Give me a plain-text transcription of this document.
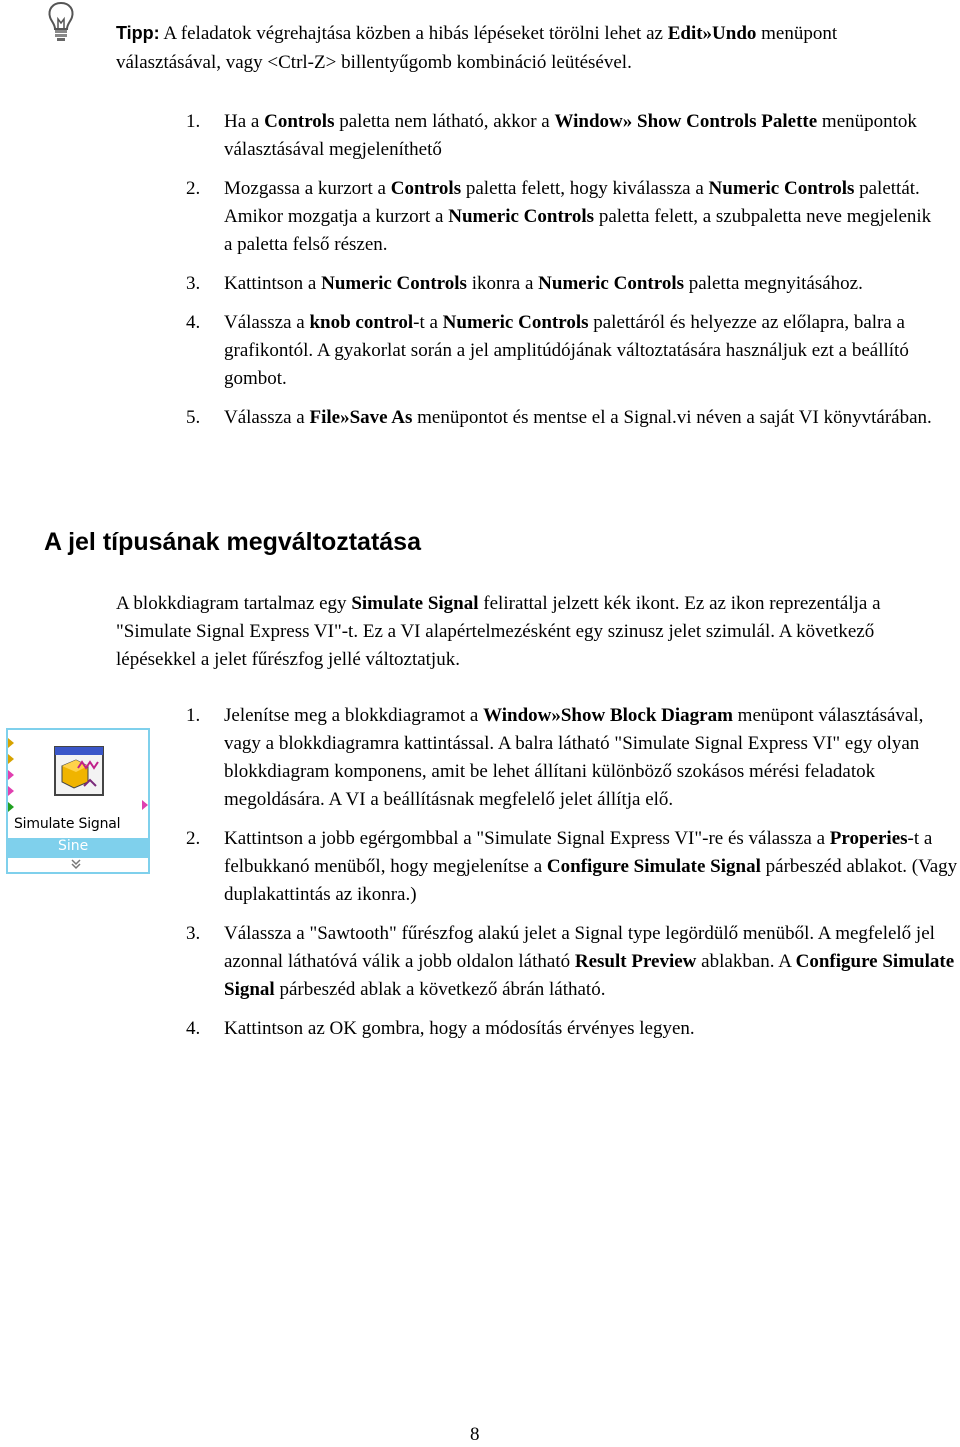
Tipp: A feladatok végrehajtása közben a hibás lépéseket törölni lehet az Edit»Undo menüpont választásával, vagy <Ctrl-Z> billentyűgomb kombináció leütésével.
1. Ha a Controls paletta nem látható, akkor a Window» Show Controls Palette menüpontok választásával megjeleníthető
2. Mozgassa a kurzort a Controls paletta felett, hogy kiválassza a Numeric Controls palettát. Amikor mozgatja a kurzort a Numeric Controls paletta felett, a szubpaletta neve megjelenik a paletta felső részen.
3. Kattintson a Numeric Controls ikonra a Numeric Controls paletta megnyitásához.
4. Válassza a knob control-t a Numeric Controls palettáról és helyezze az előlapra, balra a grafikontól. A gyakorlat során a jel amplitúdójának változtatására használjuk ezt a beállító gombot.
5. Válassza a File»Save As menüpontot és mentse el a Signal.vi néven a saját VI könyvtárában.
A jel típusának megváltoztatása
A blokkdiagram tartalmaz egy Simulate Signal felirattal jelzett kék ikont. Ez az ikon reprezentálja a "Simulate Signal Express VI"-t. Ez a VI alapértelmezésként egy szinusz jelet szimulál. A következő lépésekkel a jelet fűrészfog jellé változtatjuk.
1. Jelenítse meg a blokkdiagramot a Window»Show Block Diagram menüpont választásával, vagy a blokkdiagramra kattintással. A balra látható "Simulate Signal Express VI" egy olyan blokkdiagram komponens, amit be lehet állítani különböző szokásos mérési feladatok megoldására. A VI a beállításnak megfelelő jelet állítja elő.
2. Kattintson a jobb egérgombbal a "Simulate Signal Express VI"-re és válassza a Properies-t a felbukkanó menüből, hogy megjelenítse a Configure Simulate Signal párbeszéd ablakot. (Vagy duplakattintás az ikonra.)
3. Válassza a "Sawtooth" fűrészfog alakú jelet a Signal type legördülő menüből. A megfelelő jel azonnal láthatóvá válik a jobb oldalon látható Result Preview ablakban. A Configure Simulate Signal párbeszéd ablak a következő ábrán látható.
4. Kattintson az OK gombra, hogy a módosítás érvényes legyen.
Simulate Signal
Sine
8
